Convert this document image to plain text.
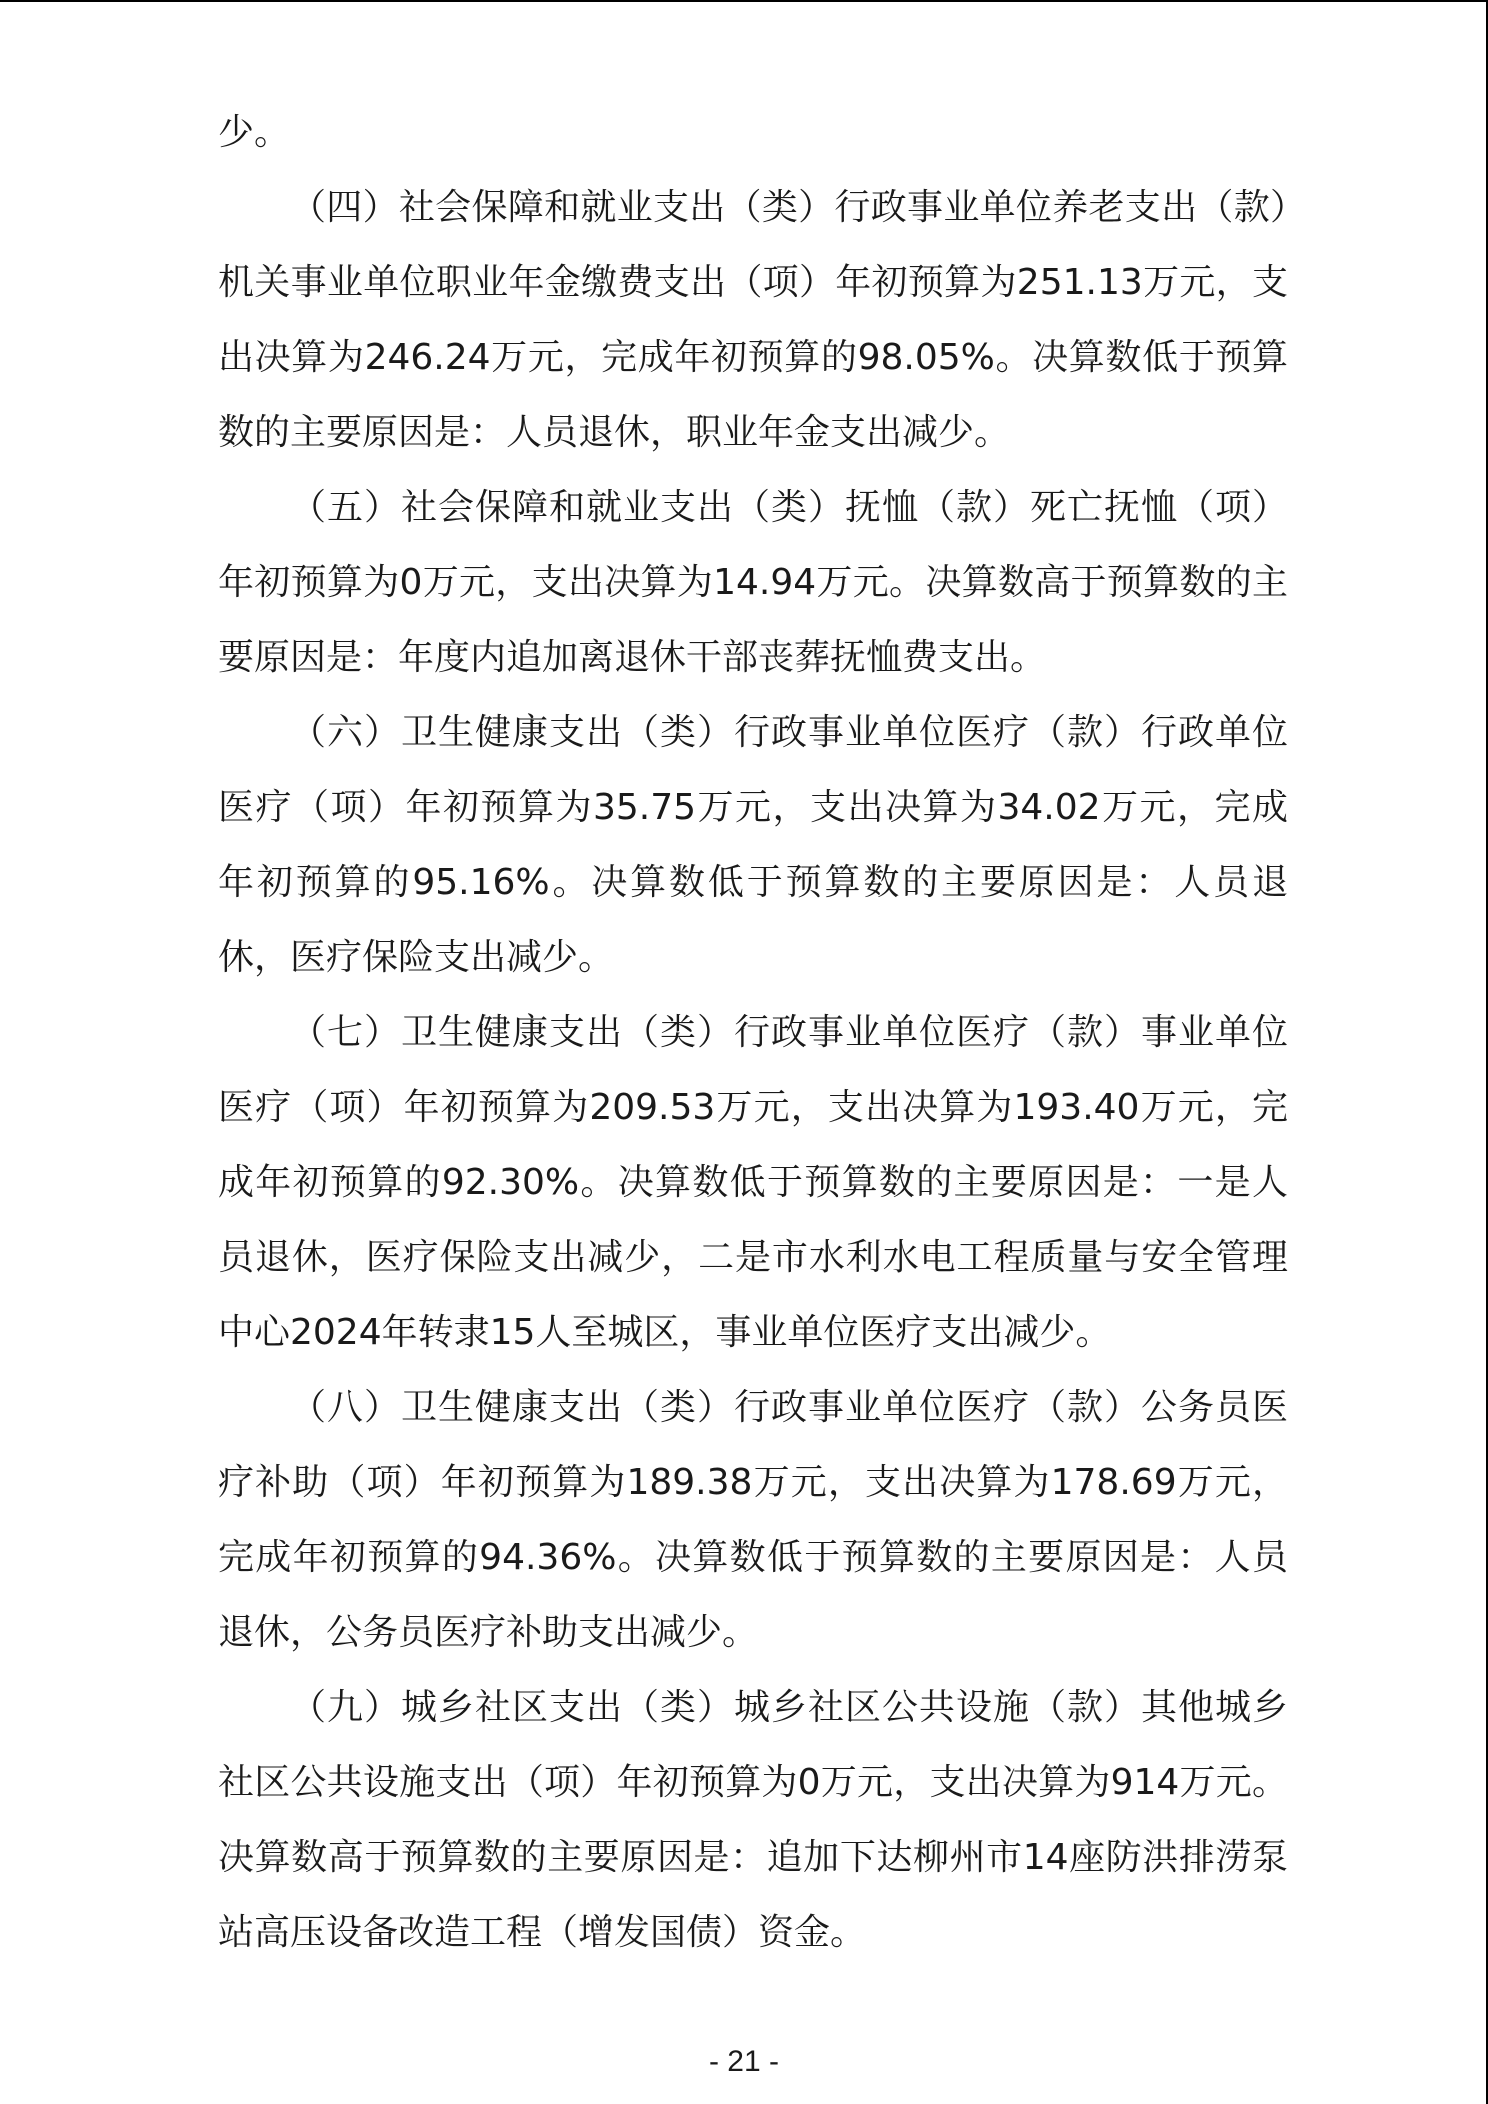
少。

（四）社会保障和就业支出（类）行政事业单位养老支出（款）机关事业单位职业年金缴费支出（项）年初预算为251.13万元，支出决算为246.24万元，完成年初预算的98.05%。决算数低于预算数的主要原因是：人员退休，职业年金支出减少。

（五）社会保障和就业支出（类）抚恤（款）死亡抚恤（项）年初预算为0万元，支出决算为14.94万元。决算数高于预算数的主要原因是：年度内追加离退休干部丧葬抚恤费支出。

（六）卫生健康支出（类）行政事业单位医疗（款）行政单位医疗（项）年初预算为35.75万元，支出决算为34.02万元，完成年初预算的95.16%。决算数低于预算数的主要原因是：人员退休，医疗保险支出减少。

（七）卫生健康支出（类）行政事业单位医疗（款）事业单位医疗（项）年初预算为209.53万元，支出决算为193.40万元，完成年初预算的92.30%。决算数低于预算数的主要原因是：一是人员退休，医疗保险支出减少，二是市水利水电工程质量与安全管理中心2024年转隶15人至城区，事业单位医疗支出减少。

（八）卫生健康支出（类）行政事业单位医疗（款）公务员医疗补助（项）年初预算为189.38万元，支出决算为178.69万元，完成年初预算的94.36%。决算数低于预算数的主要原因是：人员退休，公务员医疗补助支出减少。

（九）城乡社区支出（类）城乡社区公共设施（款）其他城乡社区公共设施支出（项）年初预算为0万元，支出决算为914万元。决算数高于预算数的主要原因是：追加下达柳州市14座防洪排涝泵站高压设备改造工程（增发国债）资金。

- 21 -
